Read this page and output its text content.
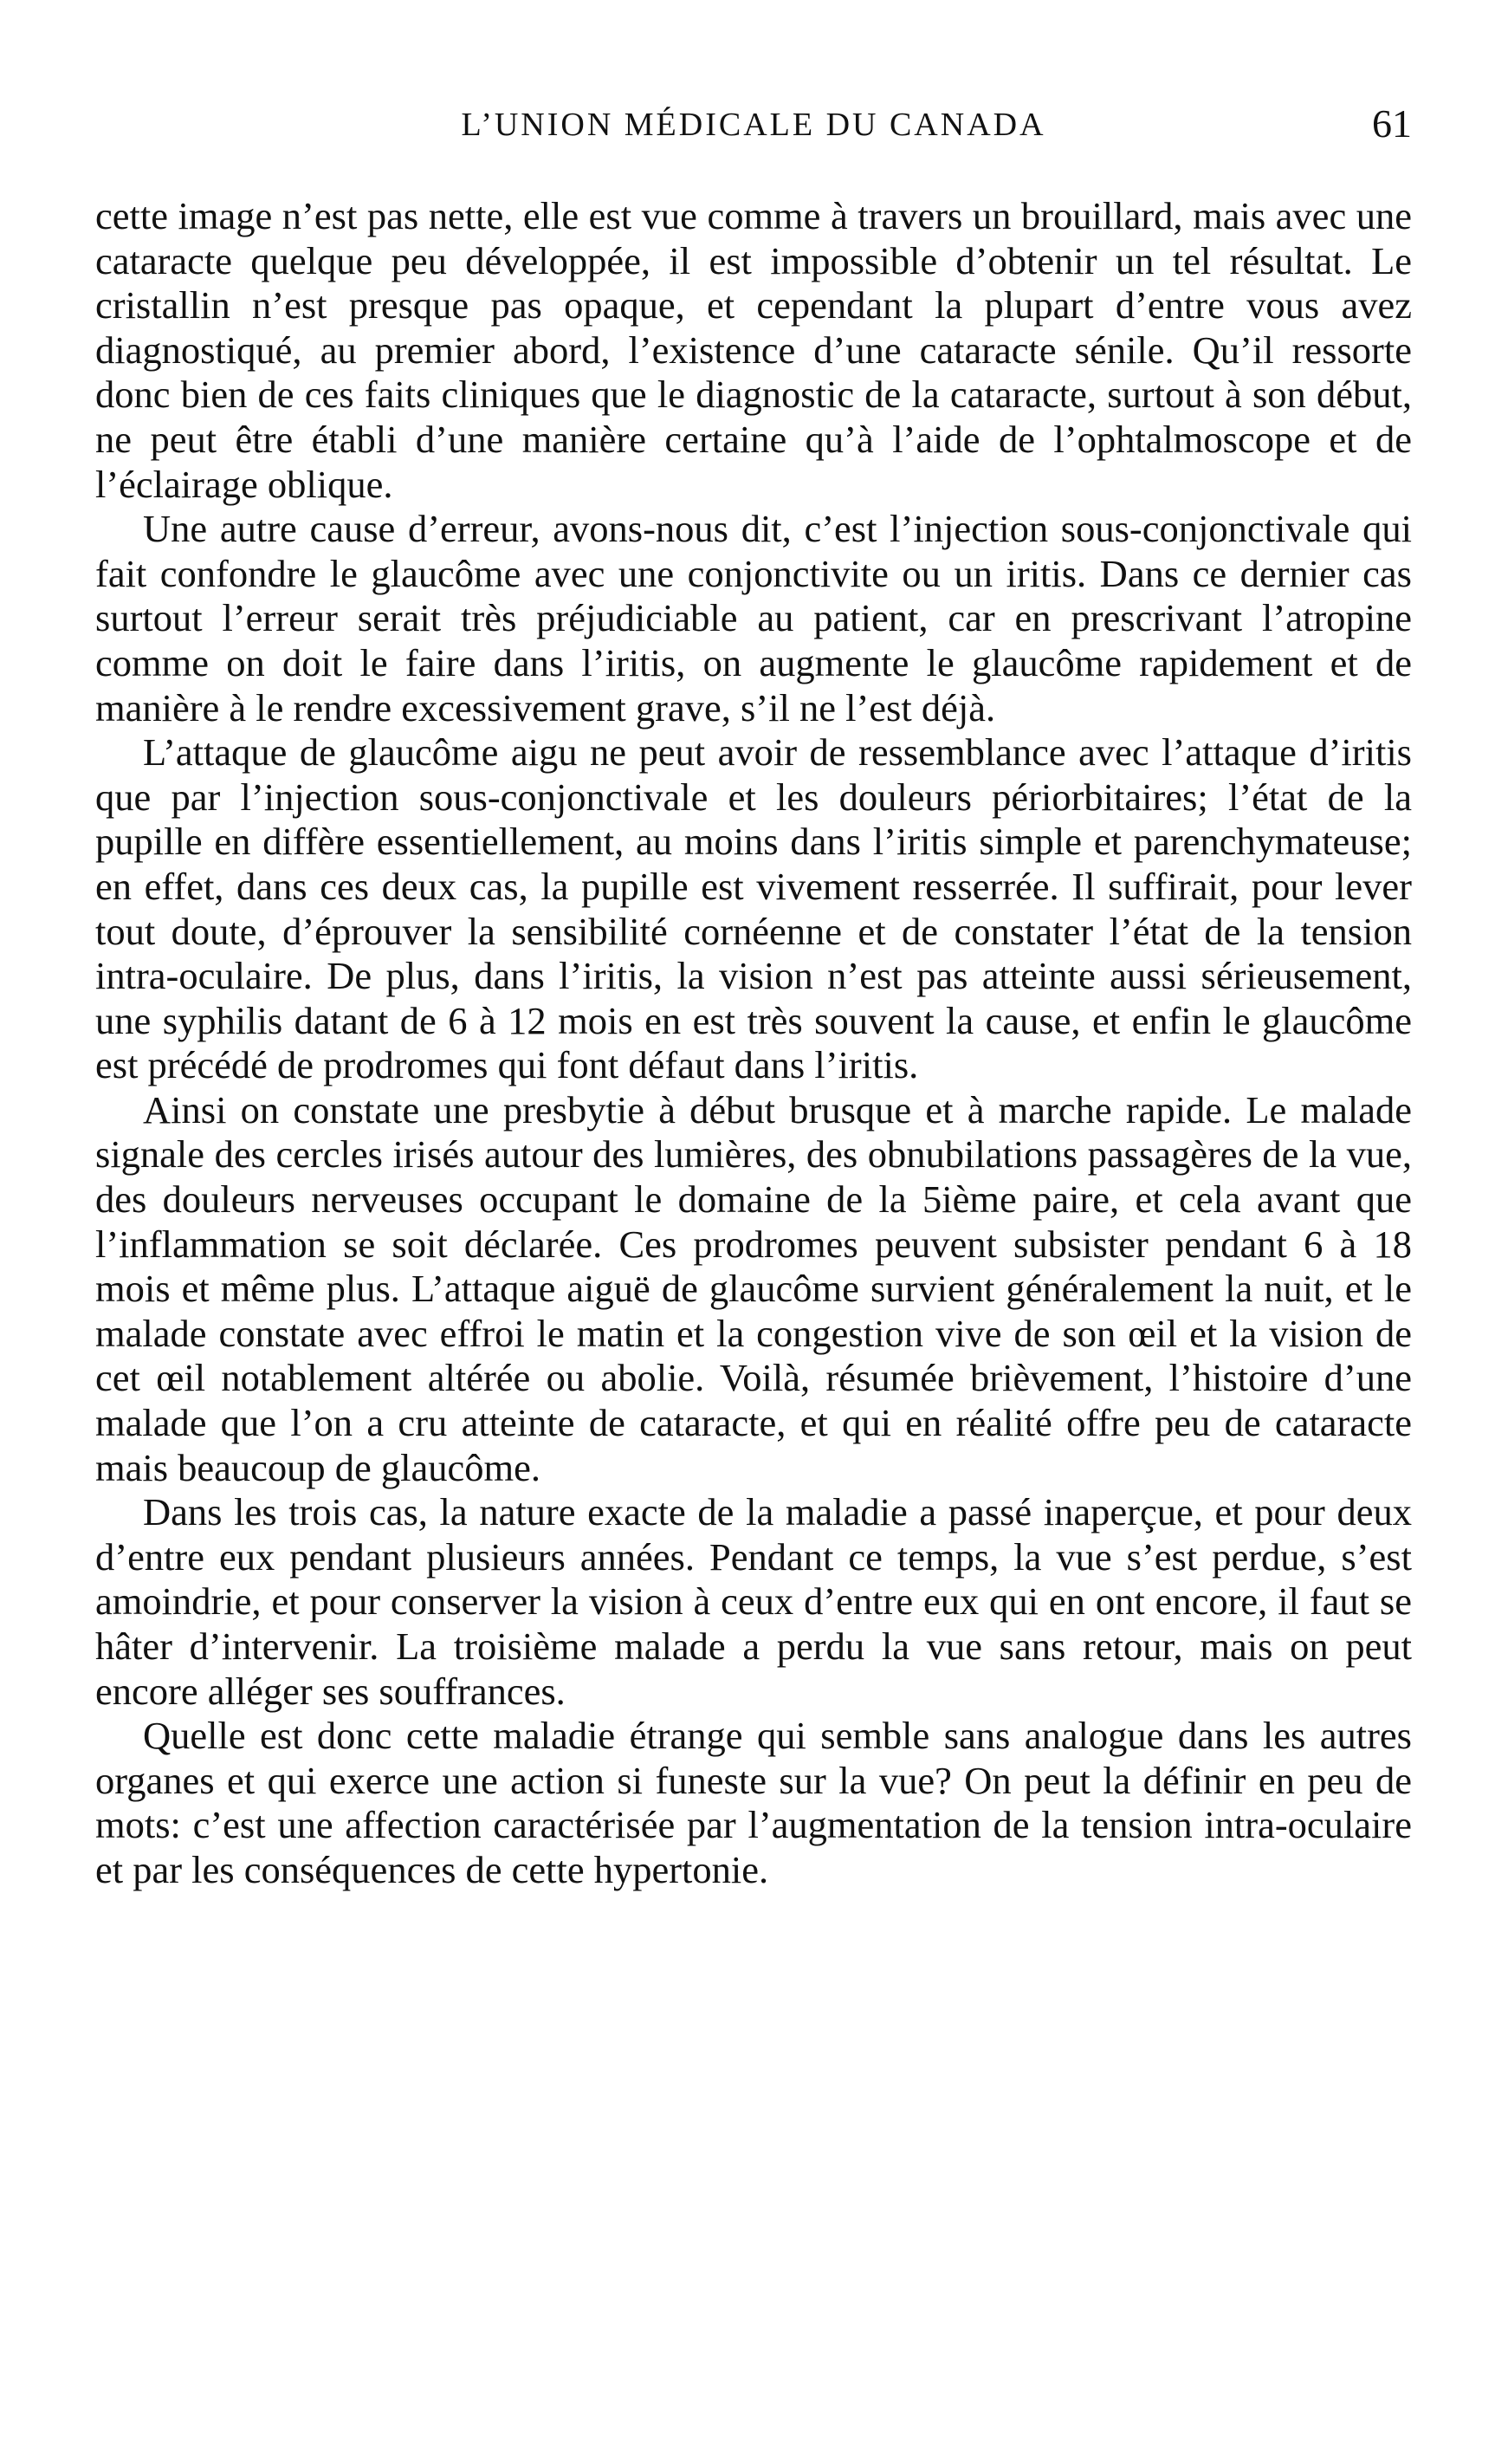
L’UNION MÉDICALE DU CANADA	61

cette image n’est pas nette, elle est vue comme à travers un brouillard, mais avec une cataracte quelque peu développée, il est impossible d’obtenir un tel résultat. Le cristallin n’est presque pas opaque, et cependant la plupart d’entre vous avez diagnostiqué, au premier abord, l’existence d’une cataracte sénile. Qu’il ressorte donc bien de ces faits cliniques que le diagnostic de la cataracte, surtout à son début, ne peut être établi d’une manière certaine qu’à l’aide de l’ophtalmoscope et de l’éclairage oblique.

Une autre cause d’erreur, avons-nous dit, c’est l’injection sous-conjonctivale qui fait confondre le glaucôme avec une conjonctivite ou un iritis. Dans ce dernier cas surtout l’erreur serait très préjudiciable au patient, car en prescrivant l’atropine comme on doit le faire dans l’iritis, on augmente le glaucôme rapidement et de manière à le rendre excessivement grave, s’il ne l’est déjà.

L’attaque de glaucôme aigu ne peut avoir de ressemblance avec l’attaque d’iritis que par l’injection sous-conjonctivale et les douleurs périorbitaires; l’état de la pupille en diffère essentiellement, au moins dans l’iritis simple et parenchymateuse; en effet, dans ces deux cas, la pupille est vivement resserrée. Il suffirait, pour lever tout doute, d’éprouver la sensibilité cornéenne et de constater l’état de la tension intra-oculaire. De plus, dans l’iritis, la vision n’est pas atteinte aussi sérieusement, une syphilis datant de 6 à 12 mois en est très souvent la cause, et enfin le glaucôme est précédé de prodromes qui font défaut dans l’iritis.

Ainsi on constate une presbytie à début brusque et à marche rapide. Le malade signale des cercles irisés autour des lumières, des obnubilations passagères de la vue, des douleurs nerveuses occupant le domaine de la 5ième paire, et cela avant que l’inflammation se soit déclarée. Ces prodromes peuvent subsister pendant 6 à 18 mois et même plus. L’attaque aiguë de glaucôme survient généralement la nuit, et le malade constate avec effroi le matin et la congestion vive de son œil et la vision de cet œil notablement altérée ou abolie. Voilà, résumée brièvement, l’histoire d’une malade que l’on a cru atteinte de cataracte, et qui en réalité offre peu de cataracte mais beaucoup de glaucôme.

Dans les trois cas, la nature exacte de la maladie a passé inaperçue, et pour deux d’entre eux pendant plusieurs années. Pendant ce temps, la vue s’est perdue, s’est amoindrie, et pour conserver la vision à ceux d’entre eux qui en ont encore, il faut se hâter d’intervenir. La troisième malade a perdu la vue sans retour, mais on peut encore alléger ses souffrances.

Quelle est donc cette maladie étrange qui semble sans analogue dans les autres organes et qui exerce une action si funeste sur la vue? On peut la définir en peu de mots: c’est une affection caractérisée par l’augmentation de la tension intra-oculaire et par les conséquences de cette hypertonie.
